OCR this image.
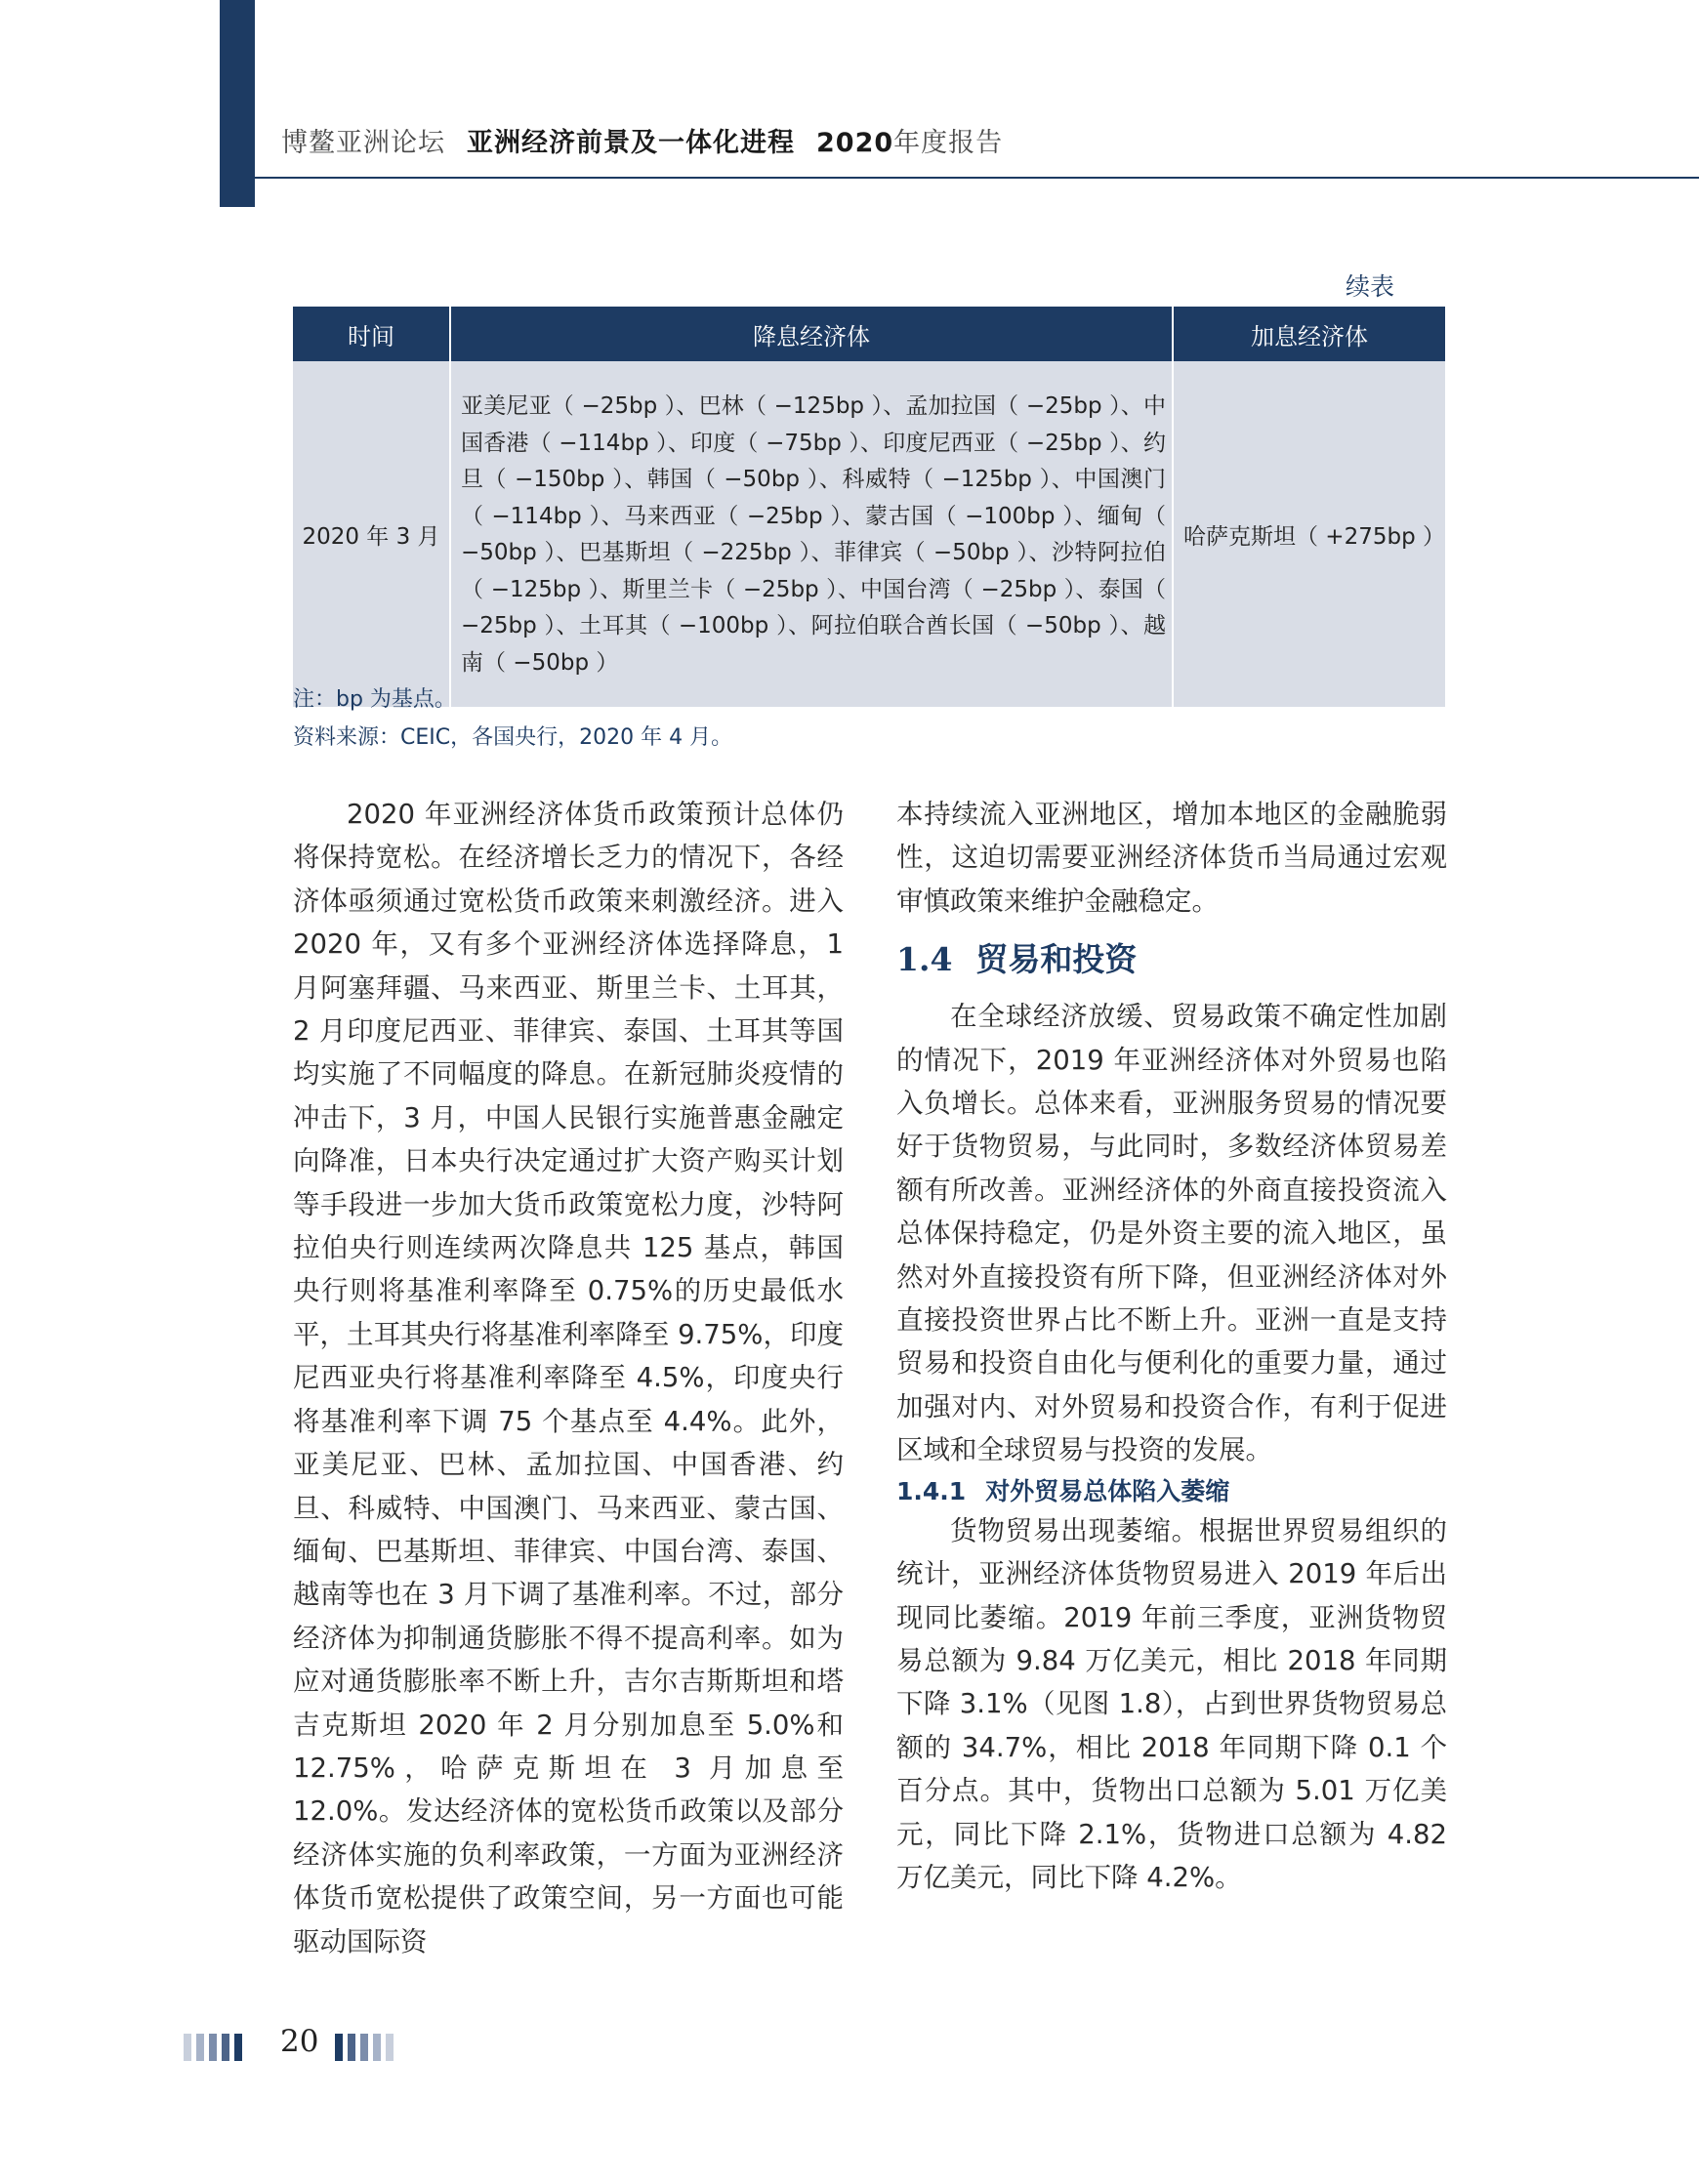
博鳌亚洲论坛 亚洲经济前景及一体化进程 2020年度报告
续表
时间	降息经济体	加息经济体
2020 年 3 月	亚美尼亚（ −25bp ）、巴林（ −125bp ）、孟加拉国（ −25bp ）、中国香港（ −114bp ）、印度（ −75bp ）、印度尼西亚（ −25bp ）、约旦（ −150bp ）、韩国（ −50bp ）、科威特（ −125bp ）、中国澳门（ −114bp ）、马来西亚（ −25bp ）、蒙古国（ −100bp ）、缅甸（ −50bp ）、巴基斯坦（ −225bp ）、菲律宾（ −50bp ）、沙特阿拉伯（ −125bp ）、斯里兰卡（ −25bp ）、中国台湾（ −25bp ）、泰国（ −25bp ）、土耳其（ −100bp ）、阿拉伯联合酋长国（ −50bp ）、越南（ −50bp ）	哈萨克斯坦（ +275bp ）
注：bp 为基点。
资料来源：CEIC，各国央行，2020 年 4 月。

2020 年亚洲经济体货币政策预计总体仍将保持宽松。在经济增长乏力的情况下，各经济体亟须通过宽松货币政策来刺激经济。进入 2020 年，又有多个亚洲经济体选择降息，1 月阿塞拜疆、马来西亚、斯里兰卡、土耳其，2 月印度尼西亚、菲律宾、泰国、土耳其等国均实施了不同幅度的降息。在新冠肺炎疫情的冲击下，3 月，中国人民银行实施普惠金融定向降准，日本央行决定通过扩大资产购买计划等手段进一步加大货币政策宽松力度，沙特阿拉伯央行则连续两次降息共 125 基点，韩国央行则将基准利率降至 0.75%的历史最低水平，土耳其央行将基准利率降至 9.75%，印度尼西亚央行将基准利率降至 4.5%，印度央行将基准利率下调 75 个基点至 4.4%。此外，亚美尼亚、巴林、孟加拉国、中国香港、约旦、科威特、中国澳门、马来西亚、蒙古国、缅甸、巴基斯坦、菲律宾、中国台湾、泰国、越南等也在 3 月下调了基准利率。不过，部分经济体为抑制通货膨胀不得不提高利率。如为应对通货膨胀率不断上升，吉尔吉斯斯坦和塔吉克斯坦 2020 年 2 月分别加息至 5.0%和 12.75%，哈萨克斯坦在 3 月加息至 12.0%。发达经济体的宽松货币政策以及部分经济体实施的负利率政策，一方面为亚洲经济体货币宽松提供了政策空间，另一方面也可能驱动国际资

本持续流入亚洲地区，增加本地区的金融脆弱性，这迫切需要亚洲经济体货币当局通过宏观审慎政策来维护金融稳定。

1.4 贸易和投资

在全球经济放缓、贸易政策不确定性加剧的情况下，2019 年亚洲经济体对外贸易也陷入负增长。总体来看，亚洲服务贸易的情况要好于货物贸易，与此同时，多数经济体贸易差额有所改善。亚洲经济体的外商直接投资流入总体保持稳定，仍是外资主要的流入地区，虽然对外直接投资有所下降，但亚洲经济体对外直接投资世界占比不断上升。亚洲一直是支持贸易和投资自由化与便利化的重要力量，通过加强对内、对外贸易和投资合作，有利于促进区域和全球贸易与投资的发展。

1.4.1 对外贸易总体陷入萎缩

货物贸易出现萎缩。根据世界贸易组织的统计，亚洲经济体货物贸易进入 2019 年后出现同比萎缩。2019 年前三季度，亚洲货物贸易总额为 9.84 万亿美元，相比 2018 年同期下降 3.1%（见图 1.8），占到世界货物贸易总额的 34.7%，相比 2018 年同期下降 0.1 个百分点。其中，货物出口总额为 5.01 万亿美元，同比下降 2.1%，货物进口总额为 4.82 万亿美元，同比下降 4.2%。

20
